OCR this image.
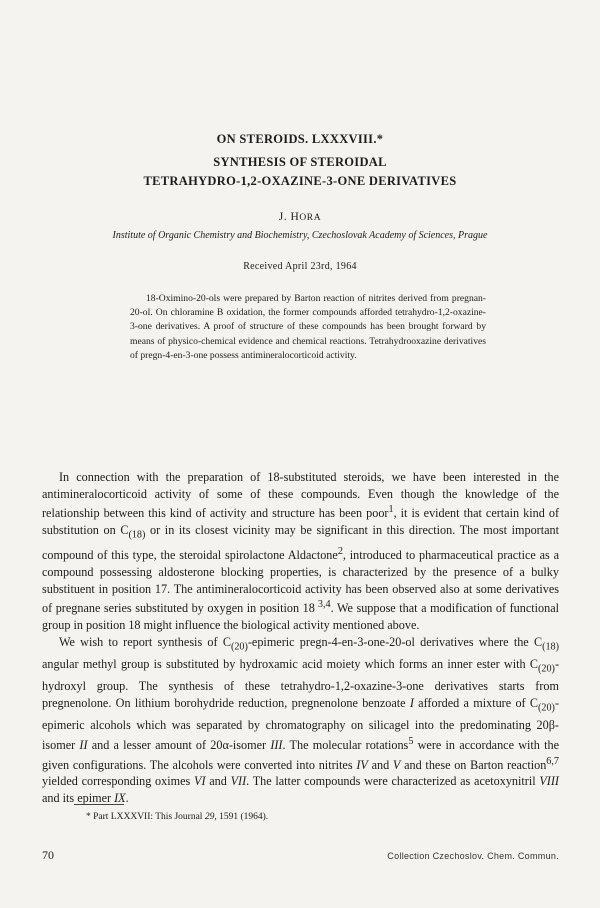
ON STEROIDS. LXXXVIII.*
SYNTHESIS OF STEROIDAL
TETRAHYDRO-1,2-OXAZINE-3-ONE DERIVATIVES
J. HORA
Institute of Organic Chemistry and Biochemistry, Czechoslovak Academy of Sciences, Prague
Received April 23rd, 1964

18-Oximino-20-ols were prepared by Barton reaction of nitrites derived from pregnan-20-ol. On chloramine B oxidation, the former compounds afforded tetrahydro-1,2-oxazine-3-one derivatives. A proof of structure of these compounds has been brought forward by means of physico-chemical evidence and chemical reactions. Tetrahydrooxazine derivatives of pregn-4-en-3-one possess antimineralocorticoid activity.

In connection with the preparation of 18-substituted steroids, we have been interested in the antimineralocorticoid activity of some of these compounds. Even though the knowledge of the relationship between this kind of activity and structure has been poor$^1$, it is evident that certain kind of substitution on $C_{(18)}$ or in its closest vicinity may be significant in this direction. The most important compound of this type, the steroidal spirolactone Aldactone$^2$, introduced to pharmaceutical practice as a compound possessing aldosterone blocking properties, is characterized by the presence of a bulky substituent in position 17. The antimineralocorticoid activity has been observed also at some derivatives of pregnane series substituted by oxygen in position 18 $^{3,4}$. We suppose that a modification of functional group in position 18 might influence the biological activity mentioned above.

We wish to report synthesis of $C_{(20)}$-epimeric pregn-4-en-3-one-20-ol derivatives where the $C_{(18)}$ angular methyl group is substituted by hydroxamic acid moiety which forms an inner ester with $C_{(20)}$-hydroxyl group. The synthesis of these tetrahydro-1,2-oxazine-3-one derivatives starts from pregnenolone. On lithium borohydride reduction, pregnenolone benzoate I afforded a mixture of $C_{(20)}$-epimeric alcohols which was separated by chromatography on silicagel into the predominating 20β-isomer II and a lesser amount of 20α-isomer III. The molecular rotations$^5$ were in accordance with the given configurations. The alcohols were converted into nitrites IV and V and these on Barton reaction$^{6,7}$ yielded corresponding oximes VI and VII. The latter compounds were characterized as acetoxynitril VIII and its epimer IX.

* Part LXXXVII: This Journal 29, 1591 (1964).
70	Collection Czechoslov. Chem. Commun.
